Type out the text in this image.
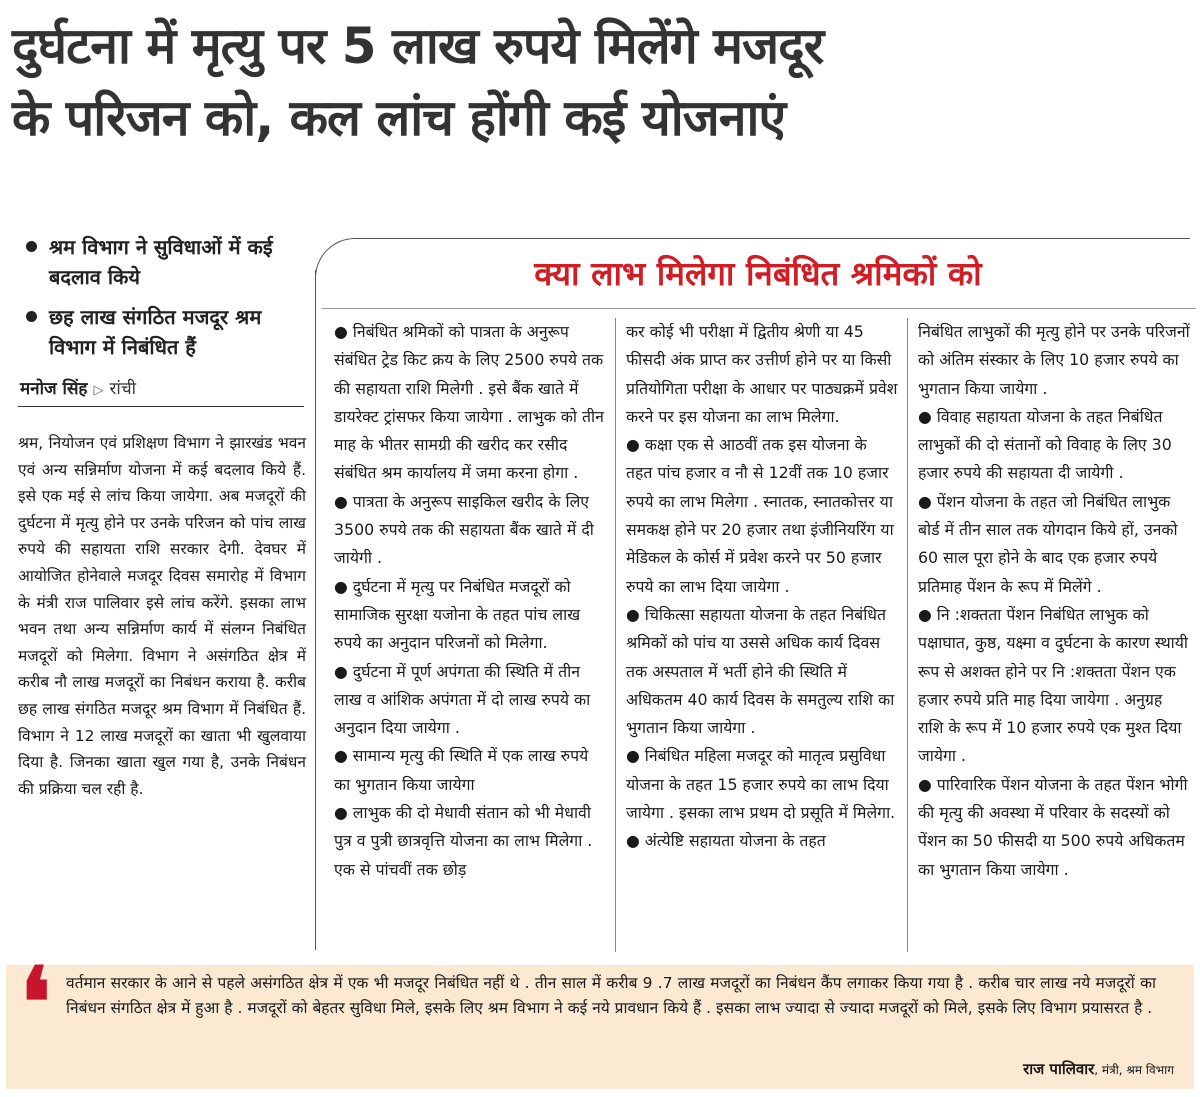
दुर्घटना में मृत्यु पर 5 लाख रुपये मिलेंगे मजदूर
के परिजन को, कल लांच होंगी कई योजनाएं
श्रम विभाग ने सुविधाओं में कई बदलाव किये
छह लाख संगठित मजदूर श्रम विभाग में निबंधित हैं
मनोज सिंह ▷ रांची
श्रम, नियोजन एवं प्रशिक्षण विभाग ने झारखंड भवन एवं अन्य सन्निर्माण योजना में कई बदलाव किये हैं. इसे एक मई से लांच किया जायेगा. अब मजदूरों की दुर्घटना में मृत्यु होने पर उनके परिजन को पांच लाख रुपये की सहायता राशि सरकार देगी. देवघर में आयोजित होनेवाले मजदूर दिवस समारोह में विभाग के मंत्री राज पालिवार इसे लांच करेंगे. इसका लाभ भवन तथा अन्य सन्निर्माण कार्य में संलग्न निबंधित मजदूरों को मिलेगा. विभाग ने असंगठित क्षेत्र में करीब नौ लाख मजदूरों का निबंधन कराया है. करीब छह लाख संगठित मजदूर श्रम विभाग में निबंधित हैं. विभाग ने 12 लाख मजदूरों का खाता भी खुलवाया दिया है. जिनका खाता खुल गया है, उनके निबंधन की प्रक्रिया चल रही है.
क्या लाभ मिलेगा निबंधित श्रमिकों को

● निबंधित श्रमिकों को पात्रता के अनुरूप संबंधित ट्रेड किट क्रय के लिए 2500 रुपये तक की सहायता राशि मिलेगी . इसे बैंक खाते में डायरेक्ट ट्रांसफर किया जायेगा . लाभुक को तीन माह के भीतर सामग्री की खरीद कर रसीद संबंधित श्रम कार्यालय में जमा करना होगा .
● पात्रता के अनुरूप साइकिल खरीद के लिए 3500 रुपये तक की सहायता बैंक खाते में दी जायेगी .
● दुर्घटना में मृत्यु पर निबंधित मजदूरों को सामाजिक सुरक्षा यजोना के तहत पांच लाख रुपये का अनुदान परिजनों को मिलेगा.
● दुर्घटना में पूर्ण अपंगता की स्थिति में तीन लाख व आंशिक अपंगता में दो लाख रुपये का अनुदान दिया जायेगा .
● सामान्य मृत्यु की स्थिति में एक लाख रुपये का भुगतान किया जायेगा
● लाभुक की दो मेधावी संतान को भी मेधावी पुत्र व पुत्री छात्रवृत्ति योजना का लाभ मिलेगा . एक से पांचवीं तक छोड़

कर कोई भी परीक्षा में द्वितीय श्रेणी या 45 फीसदी अंक प्राप्त कर उत्तीर्ण होने पर या किसी प्रतियोगिता परीक्षा के आधार पर पाठ्यक्रमें प्रवेश करने पर इस योजना का लाभ मिलेगा.
● कक्षा एक से आठवीं तक इस योजना के तहत पांच हजार व नौ से 12वीं तक 10 हजार रुपये का लाभ मिलेगा . स्नातक, स्नातकोत्तर या समकक्ष होने पर 20 हजार तथा इंजीनियरिंग या मेडिकल के कोर्स में प्रवेश करने पर 50 हजार रुपये का लाभ दिया जायेगा .
● चिकित्सा सहायता योजना के तहत निबंधित श्रमिकों को पांच या उससे अधिक कार्य दिवस तक अस्पताल में भर्ती होने की स्थिति में अधिकतम 40 कार्य दिवस के समतुल्य राशि का भुगतान किया जायेगा .
● निबंधित महिला मजदूर को मातृत्व प्रसुविधा योजना के तहत 15 हजार रुपये का लाभ दिया जायेगा . इसका लाभ प्रथम दो प्रसूति में मिलेगा.
● अंत्येष्टि सहायता योजना के तहत

निबंधित लाभुकों की मृत्यु होने पर उनके परिजनों को अंतिम संस्कार के लिए 10 हजार रुपये का भुगतान किया जायेगा .
● विवाह सहायता योजना के तहत निबंधित लाभुकों की दो संतानों को विवाह के लिए 30 हजार रुपये की सहायता दी जायेगी .
● पेंशन योजना के तहत जो निबंधित लाभुक बोर्ड में तीन साल तक योगदान किये हों, उनको 60 साल पूरा होने के बाद एक हजार रुपये प्रतिमाह पेंशन के रूप में मिलेंगे .
● नि :शक्तता पेंशन निबंधित लाभुक को पक्षाघात, कुष्ठ, यक्ष्मा व दुर्घटना के कारण स्थायी रूप से अशक्त होने पर नि :शक्तता पेंशन एक हजार रुपये प्रति माह दिया जायेगा . अनुग्रह राशि के रूप में 10 हजार रुपये एक मुश्त दिया जायेगा .
● पारिवारिक पेंशन योजना के तहत पेंशन भोगी की मृत्यु की अवस्था में परिवार के सदस्यों को पेंशन का 50 फीसदी या 500 रुपये अधिकतम का भुगतान किया जायेगा .

❛ वर्तमान सरकार के आने से पहले असंगठित क्षेत्र में एक भी मजदूर निबंधित नहीं थे . तीन साल में करीब 9 .7 लाख मजदूरों का निबंधन कैंप लगाकर किया गया है . करीब चार लाख नये मजदूरों का निबंधन संगठित क्षेत्र में हुआ है . मजदूरों को बेहतर सुविधा मिले, इसके लिए श्रम विभाग ने कई नये प्रावधान किये हैं . इसका लाभ ज्यादा से ज्यादा मजदूरों को मिले, इसके लिए विभाग प्रयासरत है .
राज पालिवार, मंत्री, श्रम विभाग
